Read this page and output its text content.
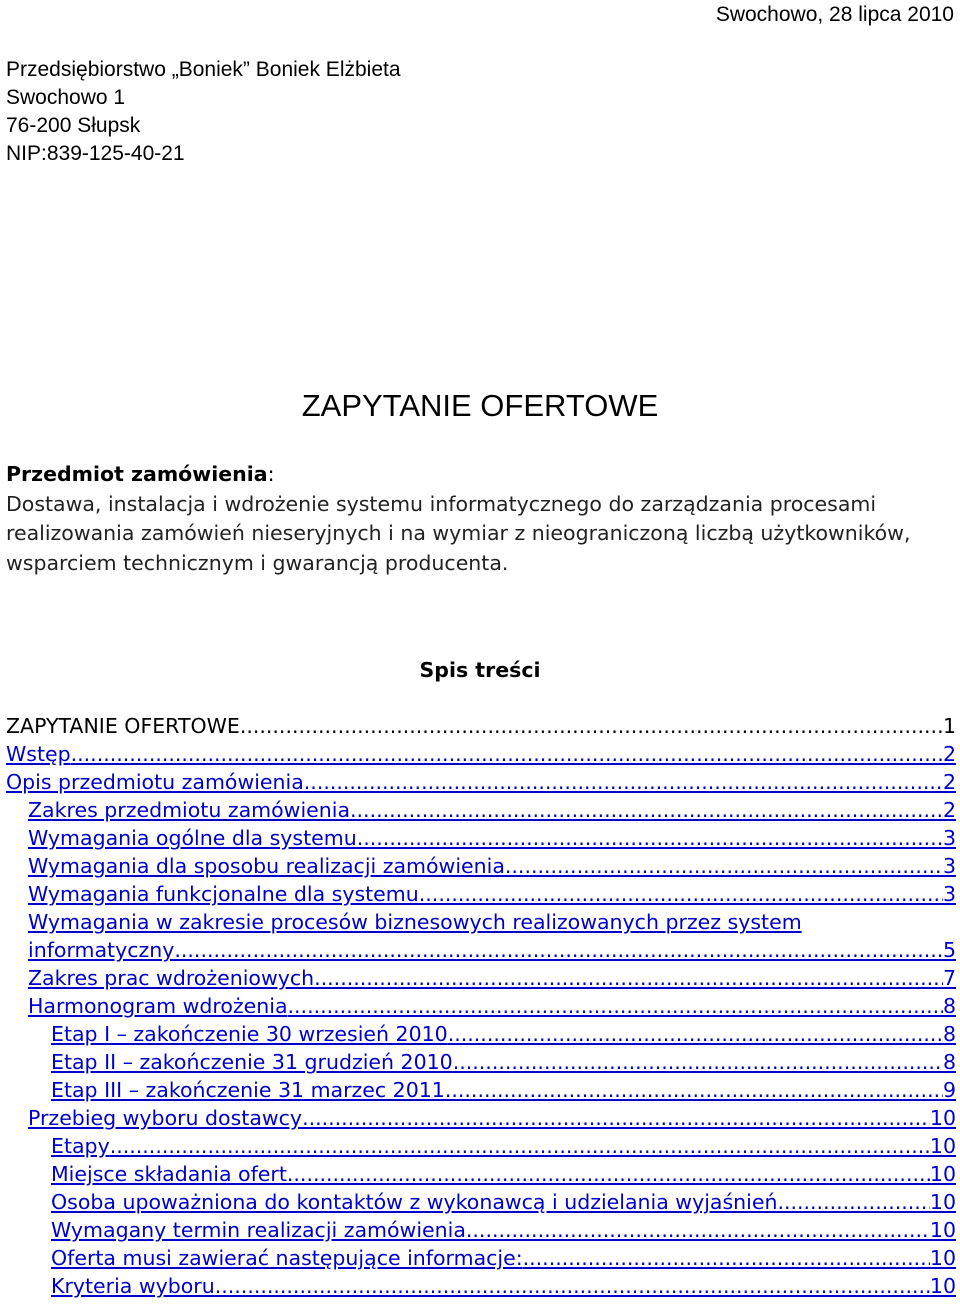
Swochowo, 28 lipca 2010
Przedsiębiorstwo „Boniek” Boniek Elżbieta
Swochowo 1
76-200 Słupsk
NIP:839-125-40-21
ZAPYTANIE OFERTOWE
Przedmiot zamówienia:
Dostawa, instalacja i wdrożenie systemu informatycznego do zarządzania procesami realizowania zamówień nieseryjnych i na wymiar z nieograniczoną liczbą użytkowników, wsparciem technicznym i gwarancją producenta.
Spis treści
ZAPYTANIE OFERTOWE .....	1
Wstęp .....	2
Opis przedmiotu zamówienia .....	2
Zakres przedmiotu zamówienia .....	2
Wymagania ogólne dla systemu .....	3
Wymagania dla sposobu realizacji zamówienia .....	3
Wymagania funkcjonalne dla systemu .....	3
Wymagania w zakresie procesów biznesowych realizowanych przez system
informatyczny .....	5
Zakres prac wdrożeniowych .....	7
Harmonogram wdrożenia .....	8
Etap I – zakończenie 30 wrzesień 2010 .....	8
Etap II – zakończenie 31 grudzień 2010 .....	8
Etap III – zakończenie 31 marzec 2011 .....	9
Przebieg wyboru dostawcy .....	10
Etapy .....	10
Miejsce składania ofert .....	10
Osoba upoważniona do kontaktów z wykonawcą i udzielania wyjaśnień .....	10
Wymagany termin realizacji zamówienia .....	10
Oferta musi zawierać następujące informacje: .....	10
Kryteria wyboru .....	10
